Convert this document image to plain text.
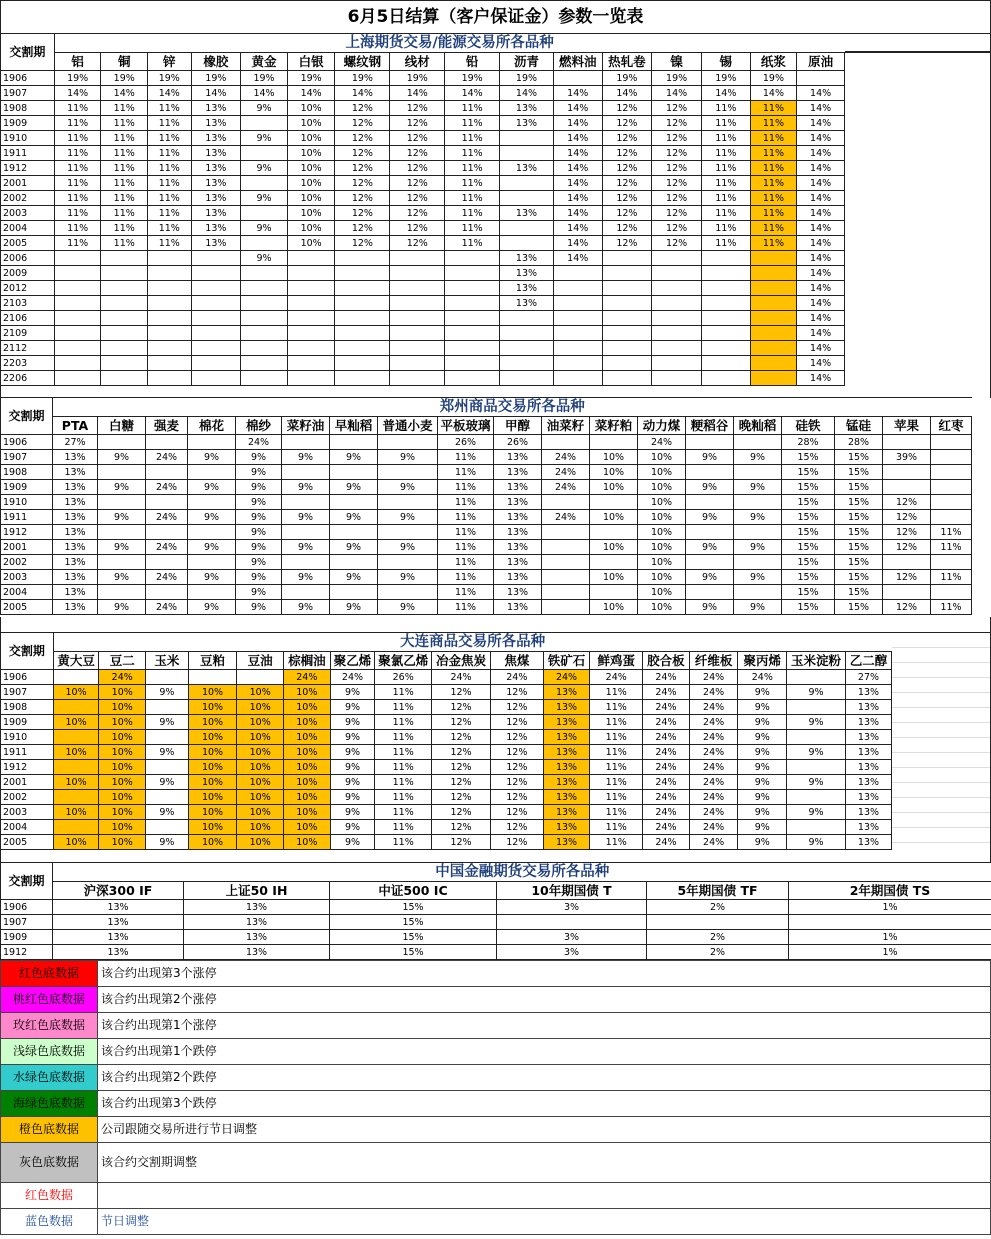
6月5日结算（客户保证金）参数一览表
交割期	上海期货交易/能源交易所各品种															
	铝	铜	锌	橡胶	黄金	白银	螺纹钢	线材	铅	沥青	燃料油	热轧卷	镍	锡	纸浆	原油
1906	19%	19%	19%	19%	19%	19%	19%	19%	19%	19%		19%	19%	19%	19%	
1907	14%	14%	14%	14%	14%	14%	14%	14%	14%	14%	14%	14%	14%	14%	14%	14%
1908	11%	11%	11%	13%	9%	10%	12%	12%	11%	13%	14%	12%	12%	11%	11%	14%
1909	11%	11%	11%	13%		10%	12%	12%	11%	13%	14%	12%	12%	11%	11%	14%
1910	11%	11%	11%	13%	9%	10%	12%	12%	11%		14%	12%	12%	11%	11%	14%
1911	11%	11%	11%	13%		10%	12%	12%	11%		14%	12%	12%	11%	11%	14%
1912	11%	11%	11%	13%	9%	10%	12%	12%	11%	13%	14%	12%	12%	11%	11%	14%
2001	11%	11%	11%	13%		10%	12%	12%	11%		14%	12%	12%	11%	11%	14%
2002	11%	11%	11%	13%	9%	10%	12%	12%	11%		14%	12%	12%	11%	11%	14%
2003	11%	11%	11%	13%		10%	12%	12%	11%	13%	14%	12%	12%	11%	11%	14%
2004	11%	11%	11%	13%	9%	10%	12%	12%	11%		14%	12%	12%	11%	11%	14%
2005	11%	11%	11%	13%		10%	12%	12%	11%		14%	12%	12%	11%	11%	14%
2006					9%					13%	14%					14%
2009										13%						14%
2012										13%						14%
2103										13%						14%
2106																14%
2109																14%
2112																14%
2203																14%
2206																14%
交割期	郑州商品交易所各品种																		
	PTA	白糖	强麦	棉花	棉纱	菜籽油	早籼稻	普通小麦	平板玻璃	甲醇	油菜籽	菜籽粕	动力煤	粳稻谷	晚籼稻	硅铁	锰硅	苹果	红枣
1906	27%				24%				26%	26%			24%			28%	28%		
1907	13%	9%	24%	9%	9%	9%	9%	9%	11%	13%	24%	10%	10%	9%	9%	15%	15%	39%	
1908	13%				9%				11%	13%	24%	10%	10%			15%	15%		
1909	13%	9%	24%	9%	9%	9%	9%	9%	11%	13%	24%	10%	10%	9%	9%	15%	15%		
1910	13%				9%				11%	13%			10%			15%	15%	12%	
1911	13%	9%	24%	9%	9%	9%	9%	9%	11%	13%	24%	10%	10%	9%	9%	15%	15%	12%	
1912	13%				9%				11%	13%			10%			15%	15%	12%	11%
2001	13%	9%	24%	9%	9%	9%	9%	9%	11%	13%		10%	10%	9%	9%	15%	15%	12%	11%
2002	13%				9%				11%	13%			10%			15%	15%		
2003	13%	9%	24%	9%	9%	9%	9%	9%	11%	13%		10%	10%	9%	9%	15%	15%	12%	11%
2004	13%				9%				11%	13%			10%			15%	15%		
2005	13%	9%	24%	9%	9%	9%	9%	9%	11%	13%		10%	10%	9%	9%	15%	15%	12%	11%
交割期	大连商品交易所各品种																
	黄大豆	豆二	玉米	豆粕	豆油	棕榈油	聚乙烯	聚氯乙烯	冶金焦炭	焦煤	铁矿石	鲜鸡蛋	胶合板	纤维板	聚丙烯	玉米淀粉	乙二醇
1906		24%				24%	24%	26%	24%	24%	24%	24%	24%	24%	24%		27%
1907	10%	10%	9%	10%	10%	10%	9%	11%	12%	12%	13%	11%	24%	24%	9%	9%	13%
1908		10%		10%	10%	10%	9%	11%	12%	12%	13%	11%	24%	24%	9%		13%
1909	10%	10%	9%	10%	10%	10%	9%	11%	12%	12%	13%	11%	24%	24%	9%	9%	13%
1910		10%		10%	10%	10%	9%	11%	12%	12%	13%	11%	24%	24%	9%		13%
1911	10%	10%	9%	10%	10%	10%	9%	11%	12%	12%	13%	11%	24%	24%	9%	9%	13%
1912		10%		10%	10%	10%	9%	11%	12%	12%	13%	11%	24%	24%	9%		13%
2001	10%	10%	9%	10%	10%	10%	9%	11%	12%	12%	13%	11%	24%	24%	9%	9%	13%
2002		10%		10%	10%	10%	9%	11%	12%	12%	13%	11%	24%	24%	9%		13%
2003	10%	10%	9%	10%	10%	10%	9%	11%	12%	12%	13%	11%	24%	24%	9%	9%	13%
2004		10%		10%	10%	10%	9%	11%	12%	12%	13%	11%	24%	24%	9%		13%
2005	10%	10%	9%	10%	10%	10%	9%	11%	12%	12%	13%	11%	24%	24%	9%	9%	13%
交割期	中国金融期货交易所各品种					
	沪深300 IF	上证50 IH	中证500 IC	10年期国债 T	5年期国债 TF	2年期国债 TS
1906	13%	13%	15%	3%	2%	1%
1907	13%	13%	15%			
1909	13%	13%	15%	3%	2%	1%
1912	13%	13%	15%	3%	2%	1%
红色底数据	该合约出现第3个涨停
桃红色底数据	该合约出现第2个涨停
玫红色底数据	该合约出现第1个涨停
浅绿色底数据	该合约出现第1个跌停
水绿色底数据	该合约出现第2个跌停
海绿色底数据	该合约出现第3个跌停
橙色底数据	公司跟随交易所进行节日调整
灰色底数据	该合约交割期调整
红色数据	
蓝色数据	节日调整
